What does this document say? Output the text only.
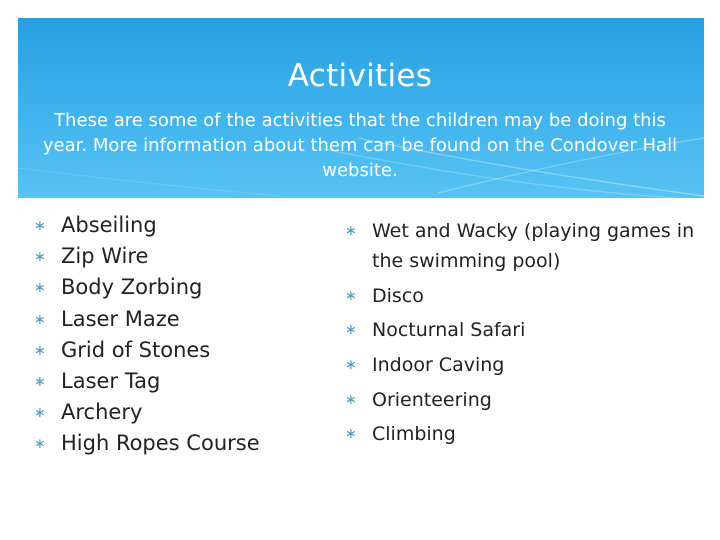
Activities
These are some of the activities that the children may be doing this year. More information about them can be found on the Condover Hall website.
∗ Abseiling
∗ Zip Wire
∗ Body Zorbing
∗ Laser Maze
∗ Grid of Stones
∗ Laser Tag
∗ Archery
∗ High Ropes Course
∗ Wet and Wacky (playing games in the swimming pool)
∗ Disco
∗ Nocturnal Safari
∗ Indoor Caving
∗ Orienteering
∗ Climbing
